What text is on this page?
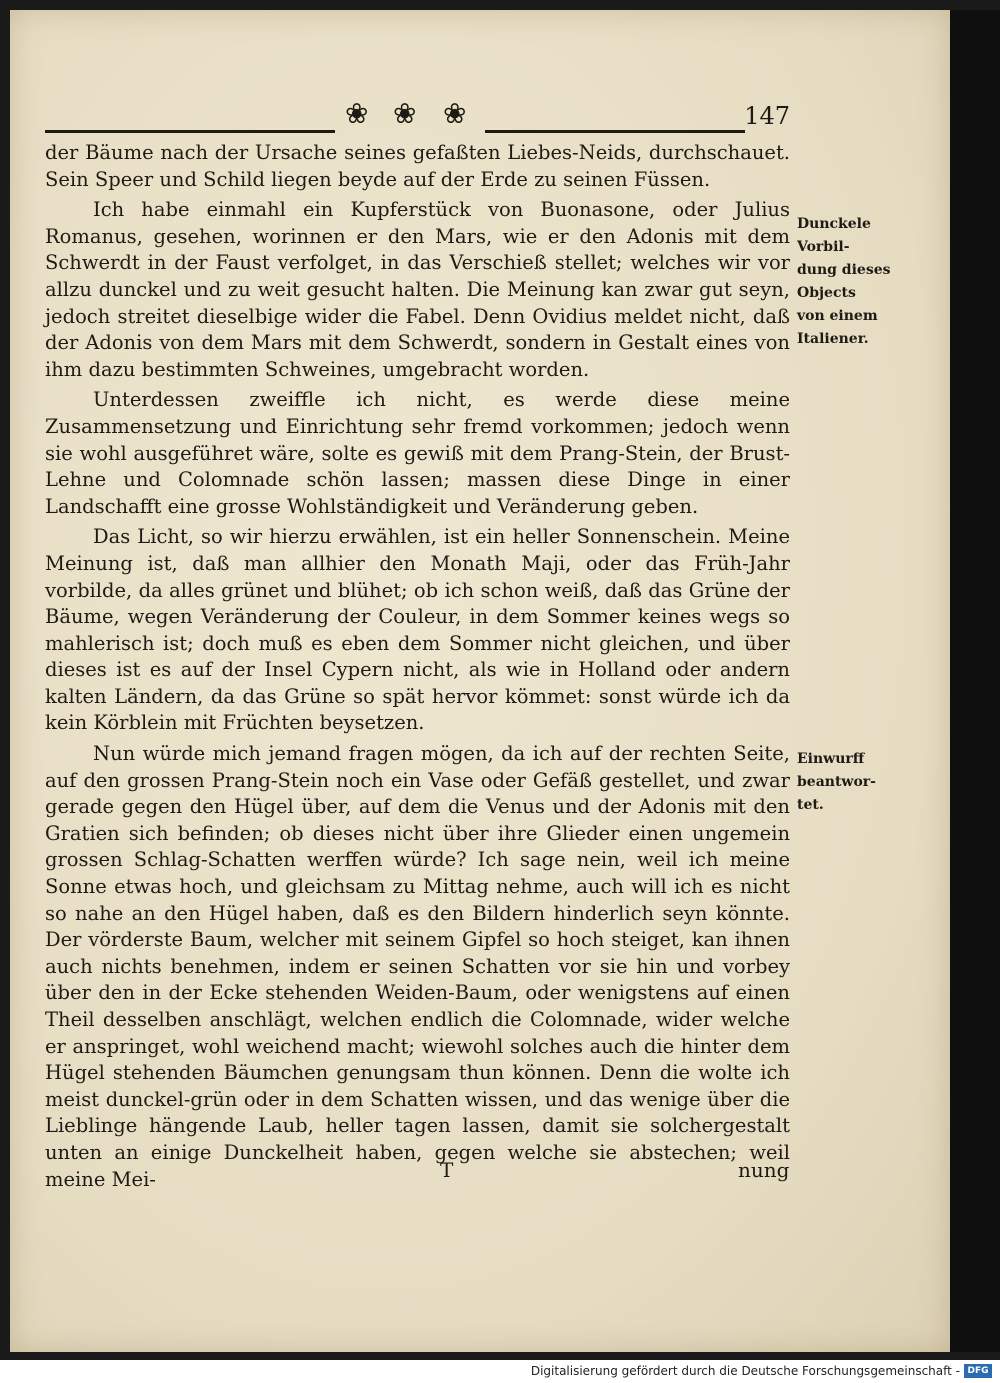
❀ ❀ ❀	147

der Bäume nach der Ursache seines gefaßten Liebes-Neids, durchschauet. Sein Speer und Schild liegen beyde auf der Erde zu seinen Füssen.

Ich habe einmahl ein Kupferstück von Buonasone, oder Julius Romanus, gesehen, worinnen er den Mars, wie er den Adonis mit dem Schwerdt in der Faust verfolget, in das Verschieß stellet; welches wir vor allzu dunckel und zu weit gesucht halten. Die Meinung kan zwar gut seyn, jedoch streitet dieselbige wider die Fabel. Denn Ovidius meldet nicht, daß der Adonis von dem Mars mit dem Schwerdt, sondern in Gestalt eines von ihm dazu bestimmten Schweines, umgebracht worden.

Unterdessen zweiffle ich nicht, es werde diese meine Zusammensetzung und Einrichtung sehr fremd vorkommen; jedoch wenn sie wohl ausgeführet wäre, solte es gewiß mit dem Prang-Stein, der Brust-Lehne und Colomnade schön lassen; massen diese Dinge in einer Landschafft eine grosse Wohlständigkeit und Veränderung geben.

Das Licht, so wir hierzu erwählen, ist ein heller Sonnenschein. Meine Meinung ist, daß man allhier den Monath Maji, oder das Früh-Jahr vorbilde, da alles grünet und blühet; ob ich schon weiß, daß das Grüne der Bäume, wegen Veränderung der Couleur, in dem Sommer keines wegs so mahlerisch ist; doch muß es eben dem Sommer nicht gleichen, und über dieses ist es auf der Insel Cypern nicht, als wie in Holland oder andern kalten Ländern, da das Grüne so spät hervor kömmet: sonst würde ich da kein Körblein mit Früchten beysetzen.

Nun würde mich jemand fragen mögen, da ich auf der rechten Seite, auf den grossen Prang-Stein noch ein Vase oder Gefäß gestellet, und zwar gerade gegen den Hügel über, auf dem die Venus und der Adonis mit den Gratien sich befinden; ob dieses nicht über ihre Glieder einen ungemein grossen Schlag-Schatten werffen würde? Ich sage nein, weil ich meine Sonne etwas hoch, und gleichsam zu Mittag nehme, auch will ich es nicht so nahe an den Hügel haben, daß es den Bildern hinderlich seyn könnte. Der vörderste Baum, welcher mit seinem Gipfel so hoch steiget, kan ihnen auch nichts benehmen, indem er seinen Schatten vor sie hin und vorbey über den in der Ecke stehenden Weiden-Baum, oder wenigstens auf einen Theil desselben anschlägt, welchen endlich die Colomnade, wider welche er anspringet, wohl weichend macht; wiewohl solches auch die hinter dem Hügel stehenden Bäumchen genungsam thun können. Denn die wolte ich meist dunckel-grün oder in dem Schatten wissen, und das wenige über die Lieblinge hängende Laub, heller tagen lassen, damit sie solchergestalt unten an einige Dunckelheit haben, gegen welche sie abstechen; weil meine Mei-

Dunckele
Vorbil-
dung dieses
Objects
von einem
Italiener.
Einwurff
beantwor-
tet.
T	nung
Digitalisierung gefördert durch die Deutsche Forschungsgemeinschaft - DFG
